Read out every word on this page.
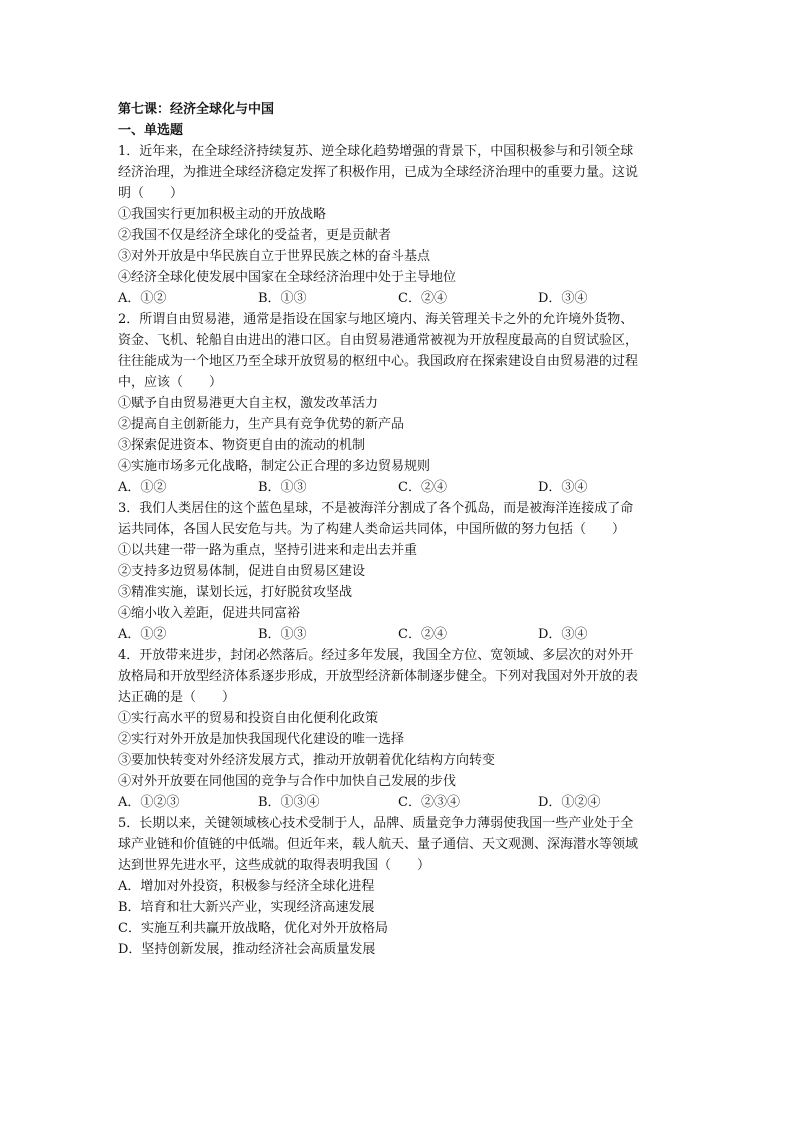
第七课：经济全球化与中国
一、单选题
1．近年来，在全球经济持续复苏、逆全球化趋势增强的背景下，中国积极参与和引领全球
经济治理，为推进全球经济稳定发挥了积极作用，已成为全球经济治理中的重要力量。这说
明（　　）
①我国实行更加积极主动的开放战略
②我国不仅是经济全球化的受益者，更是贡献者
③对外开放是中华民族自立于世界民族之林的奋斗基点
④经济全球化使发展中国家在全球经济治理中处于主导地位
A．①②	B．①③	C．②④	D．③④
2．所谓自由贸易港，通常是指设在国家与地区境内、海关管理关卡之外的允许境外货物、
资金、飞机、轮船自由进出的港口区。自由贸易港通常被视为开放程度最高的自贸试验区，
往往能成为一个地区乃至全球开放贸易的枢纽中心。我国政府在探索建设自由贸易港的过程
中，应该（　　）
①赋予自由贸易港更大自主权，激发改革活力
②提高自主创新能力，生产具有竞争优势的新产品
③探索促进资本、物资更自由的流动的机制
④实施市场多元化战略，制定公正合理的多边贸易规则
A．①②	B．①③	C．②④	D．③④
3．我们人类居住的这个蓝色星球，不是被海洋分割成了各个孤岛，而是被海洋连接成了命
运共同体，各国人民安危与共。为了构建人类命运共同体，中国所做的努力包括（　　）
①以共建一带一路为重点，坚持引进来和走出去并重
②支持多边贸易体制，促进自由贸易区建设
③精准实施，谋划长远，打好脱贫攻坚战
④缩小收入差距，促进共同富裕
A．①②	B．①③	C．②④	D．③④
4．开放带来进步，封闭必然落后。经过多年发展，我国全方位、宽领域、多层次的对外开
放格局和开放型经济体系逐步形成，开放型经济新体制逐步健全。下列对我国对外开放的表
达正确的是（　　）
①实行高水平的贸易和投资自由化便利化政策
②实行对外开放是加快我国现代化建设的唯一选择
③要加快转变对外经济发展方式，推动开放朝着优化结构方向转变
④对外开放要在同他国的竞争与合作中加快自己发展的步伐
A．①②③	B．①③④	C．②③④	D．①②④
5．长期以来，关键领域核心技术受制于人，品牌、质量竞争力薄弱使我国一些产业处于全
球产业链和价值链的中低端。但近年来，载人航天、量子通信、天文观测、深海潜水等领域
达到世界先进水平，这些成就的取得表明我国（　　）
A．增加对外投资，积极参与经济全球化进程
B．培育和壮大新兴产业，实现经济高速发展
C．实施互利共赢开放战略，优化对外开放格局
D．坚持创新发展，推动经济社会高质量发展
